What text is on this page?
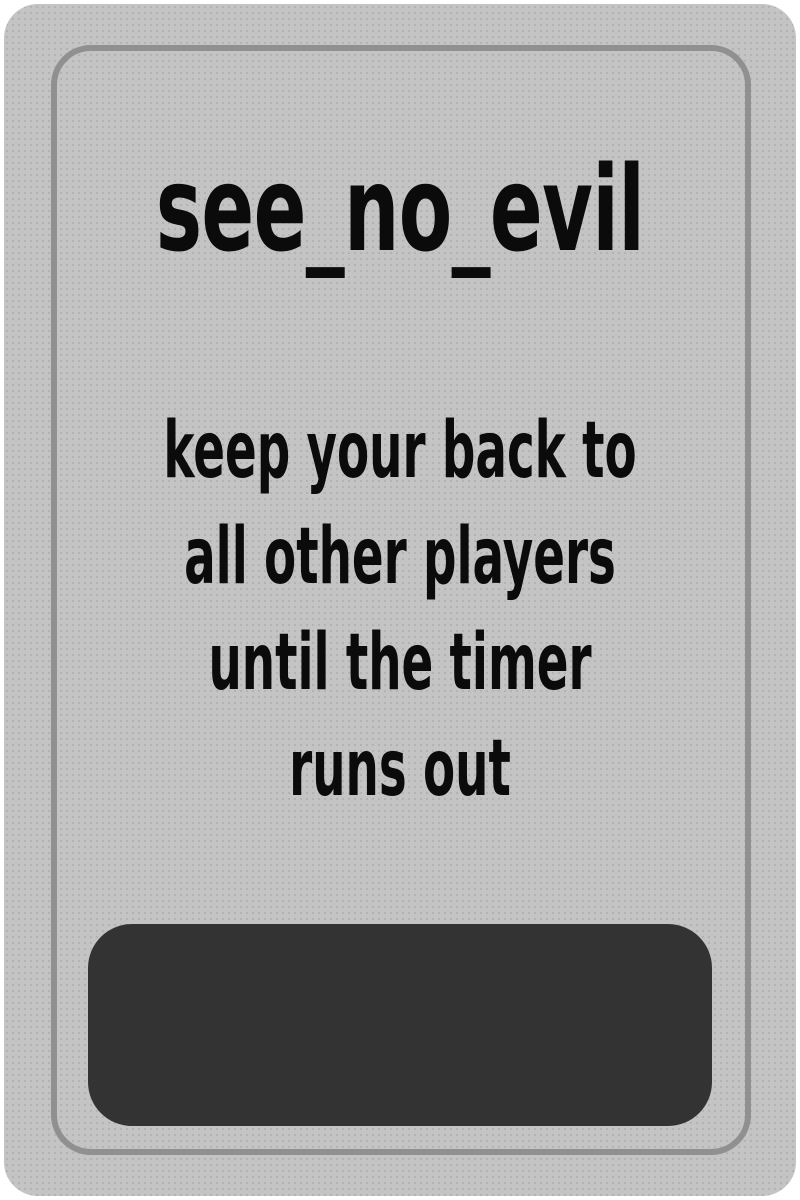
see_no_evil
keep your back to
all other players
until the timer
runs out
